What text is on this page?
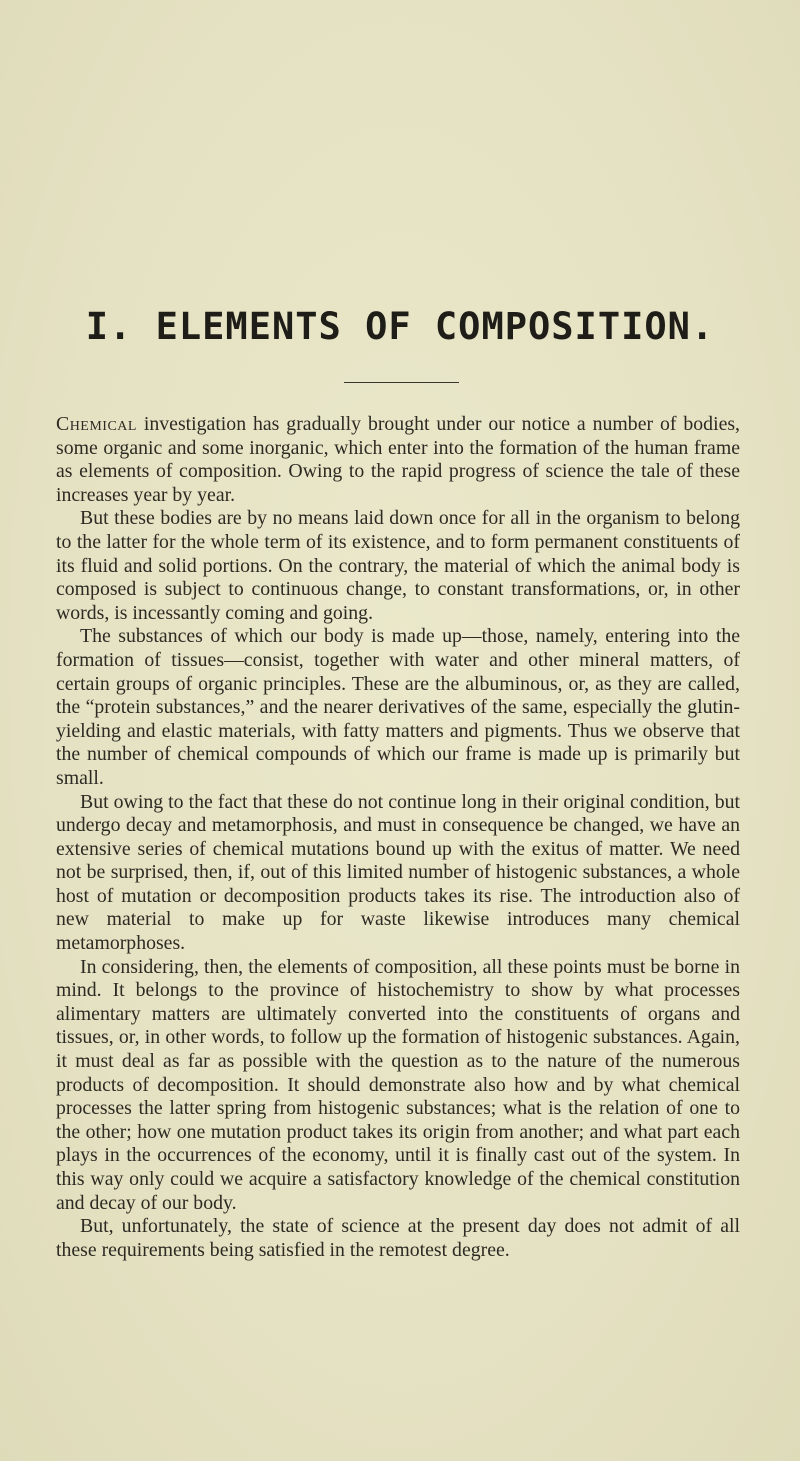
I. ELEMENTS OF COMPOSITION.

Chemical investigation has gradually brought under our notice a number of bodies, some organic and some inorganic, which enter into the formation of the human frame as elements of composition. Owing to the rapid progress of science the tale of these increases year by year.

But these bodies are by no means laid down once for all in the organism to belong to the latter for the whole term of its existence, and to form permanent constituents of its fluid and solid portions. On the contrary, the material of which the animal body is composed is subject to continuous change, to constant transformations, or, in other words, is incessantly coming and going.

The substances of which our body is made up—those, namely, entering into the formation of tissues—consist, together with water and other mineral matters, of certain groups of organic principles. These are the albuminous, or, as they are called, the “protein substances,” and the nearer derivatives of the same, especially the glutin-yielding and elastic materials, with fatty matters and pigments. Thus we observe that the number of chemical compounds of which our frame is made up is primarily but small.

But owing to the fact that these do not continue long in their original condition, but undergo decay and metamorphosis, and must in consequence be changed, we have an extensive series of chemical mutations bound up with the exitus of matter. We need not be surprised, then, if, out of this limited number of histogenic substances, a whole host of mutation or decomposition products takes its rise. The introduction also of new material to make up for waste likewise introduces many chemical metamorphoses.

In considering, then, the elements of composition, all these points must be borne in mind. It belongs to the province of histochemistry to show by what processes alimentary matters are ultimately converted into the constituents of organs and tissues, or, in other words, to follow up the formation of histogenic substances. Again, it must deal as far as possible with the question as to the nature of the numerous products of decomposition. It should demonstrate also how and by what chemical processes the latter spring from histogenic substances; what is the relation of one to the other; how one mutation product takes its origin from another; and what part each plays in the occurrences of the economy, until it is finally cast out of the system. In this way only could we acquire a satisfactory knowledge of the chemical constitution and decay of our body.

But, unfortunately, the state of science at the present day does not admit of all these requirements being satisfied in the remotest degree.
